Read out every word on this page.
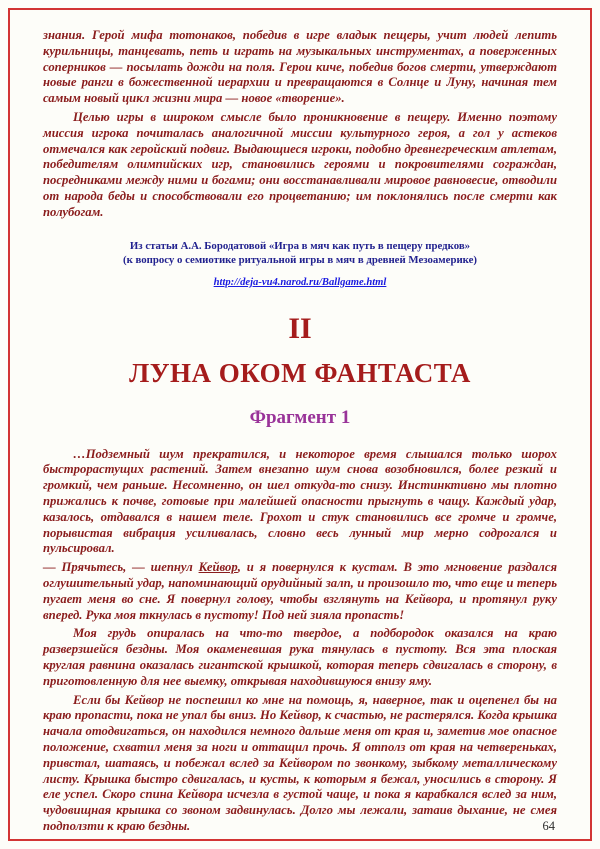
знания. Герой мифа тотонаков, победив в игре владык пещеры, учит людей лепить курильницы, танцевать, петь и играть на музыкальных инструментах, а поверженных соперников — посылать дожди на поля. Герои киче, победив богов смерти, утверждают новые ранги в божественной иерархии и превращаются в Солнце и Луну, начиная тем самым новый цикл жизни мира — новое «творение».

Целью игры в широком смысле было проникновение в пещеру. Именно поэтому миссия игрока почиталась аналогичной миссии культурного героя, а гол у астеков отмечался как геройский подвиг. Выдающиеся игроки, подобно древнегреческим атлетам, победителям олимпийских игр, становились героями и покровителями сограждан, посредниками между ними и богами; они восстанавливали мировое равновесие, отводили от народа беды и способствовали его процветанию; им поклонялись после смерти как полубогам.

Из статьи А.А. Бородатовой «Игра в мяч как путь в пещеру предков»
(к вопросу о семиотике ритуальной игры в мяч в древней Мезоамерике)
http://deja-vu4.narod.ru/Ballgame.html
II
ЛУНА ОКОМ ФАНТАСТА
Фрагмент 1

…Подземный шум прекратился, и некоторое время слышался только шорох быстрорастущих растений. Затем внезапно шум снова возобновился, более резкий и громкий, чем раньше. Несомненно, он шел откуда-то снизу. Инстинктивно мы плотно прижались к почве, готовые при малейшей опасности прыгнуть в чащу. Каждый удар, казалось, отдавался в нашем теле. Грохот и стук становились все громче и громче, порывистая вибрация усиливалась, словно весь лунный мир мерно содрогался и пульсировал.

— Прячьтесь, — шепнул Кейвор, и я повернулся к кустам. В это мгновение раздался оглушительный удар, напоминающий орудийный залп, и произошло то, что еще и теперь пугает меня во сне. Я повернул голову, чтобы взглянуть на Кейвора, и протянул руку вперед. Рука моя ткнулась в пустоту! Под ней зияла пропасть!

Моя грудь опиралась на что-то твердое, а подбородок оказался на краю разверзшейся бездны. Моя окаменевшая рука тянулась в пустоту. Вся эта плоская круглая равнина оказалась гигантской крышкой, которая теперь сдвигалась в сторону, в приготовленную для нее выемку, открывая находившуюся внизу яму.

Если бы Кейвор не поспешил ко мне на помощь, я, наверное, так и оцепенел бы на краю пропасти, пока не упал бы вниз. Но Кейвор, к счастью, не растерялся. Когда крышка начала отодвигаться, он находился немного дальше меня от края и, заметив мое опасное положение, схватил меня за ноги и оттащил прочь. Я отполз от края на четвереньках, привстал, шатаясь, и побежал вслед за Кейвором по звонкому, зыбкому металлическому листу. Крышка быстро сдвигалась, и кусты, к которым я бежал, уносились в сторону. Я еле успел. Скоро спина Кейвора исчезла в густой чаще, и пока я карабкался вслед за ним, чудовищная крышка со звоном задвинулась. Долго мы лежали, затаив дыхание, не смея подползти к краю бездны.	64
